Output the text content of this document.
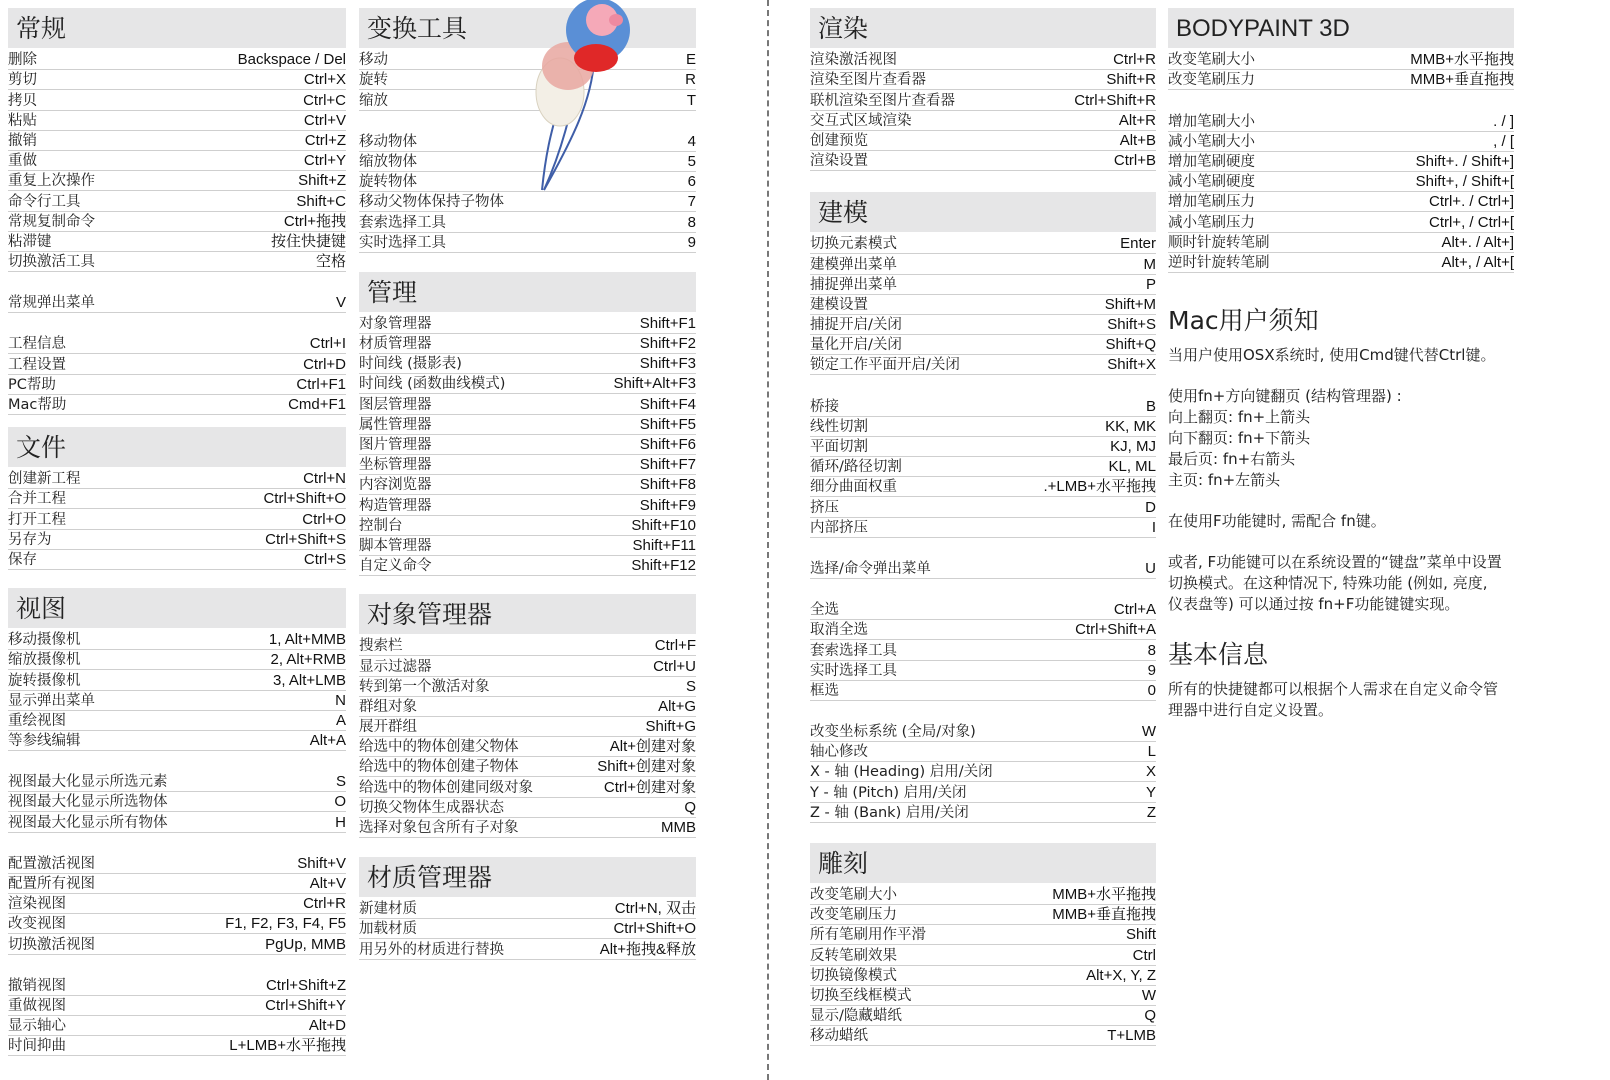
常规
删除	Backspace / Del
剪切	Ctrl+X
拷贝	Ctrl+C
粘贴	Ctrl+V
撤销	Ctrl+Z
重做	Ctrl+Y
重复上次操作	Shift+Z
命令行工具	Shift+C
常规复制命令	Ctrl+拖拽
粘滞键	按住快捷键
切换激活工具	空格
常规弹出菜单	V
工程信息	Ctrl+I
工程设置	Ctrl+D
PC帮助	Ctrl+F1
Mac帮助	Cmd+F1
文件
创建新工程	Ctrl+N
合并工程	Ctrl+Shift+O
打开工程	Ctrl+O
另存为	Ctrl+Shift+S
保存	Ctrl+S
视图
移动摄像机	1, Alt+MMB
缩放摄像机	2, Alt+RMB
旋转摄像机	3, Alt+LMB
显示弹出菜单	N
重绘视图	A
等参线编辑	Alt+A
视图最大化显示所选元素	S
视图最大化显示所选物体	O
视图最大化显示所有物体	H
配置激活视图	Shift+V
配置所有视图	Alt+V
渲染视图	Ctrl+R
改变视图	F1, F2, F3, F4, F5
切换激活视图	PgUp, MMB
撤销视图	Ctrl+Shift+Z
重做视图	Ctrl+Shift+Y
显示轴心	Alt+D
时间抑曲	L+LMB+水平拖拽
变换工具
移动	E
旋转	R
缩放	T
移动物体	4
缩放物体	5
旋转物体	6
移动父物体保持子物体	7
套索选择工具	8
实时选择工具	9
管理
对象管理器	Shift+F1
材质管理器	Shift+F2
时间线 (摄影表)	Shift+F3
时间线 (函数曲线模式)	Shift+Alt+F3
图层管理器	Shift+F4
属性管理器	Shift+F5
图片管理器	Shift+F6
坐标管理器	Shift+F7
内容浏览器	Shift+F8
构造管理器	Shift+F9
控制台	Shift+F10
脚本管理器	Shift+F11
自定义命令	Shift+F12
对象管理器
搜索栏	Ctrl+F
显示过滤器	Ctrl+U
转到第一个激活对象	S
群组对象	Alt+G
展开群组	Shift+G
给选中的物体创建父物体	Alt+创建对象
给选中的物体创建子物体	Shift+创建对象
给选中的物体创建同级对象	Ctrl+创建对象
切换父物体生成器状态	Q
选择对象包含所有子对象	MMB
材质管理器
新建材质	Ctrl+N, 双击
加载材质	Ctrl+Shift+O
用另外的材质进行替换	Alt+拖拽&释放
渲染
渲染激活视图	Ctrl+R
渲染至图片查看器	Shift+R
联机渲染至图片查看器	Ctrl+Shift+R
交互式区域渲染	Alt+R
创建预览	Alt+B
渲染设置	Ctrl+B
建模
切换元素模式	Enter
建模弹出菜单	M
捕捉弹出菜单	P
建模设置	Shift+M
捕捉开启/关闭	Shift+S
量化开启/关闭	Shift+Q
锁定工作平面开启/关闭	Shift+X
桥接	B
线性切割	KK, MK
平面切割	KJ, MJ
循环/路径切割	KL, ML
细分曲面权重	.+LMB+水平拖拽
挤压	D
内部挤压	I
选择/命令弹出菜单	U
全选	Ctrl+A
取消全选	Ctrl+Shift+A
套索选择工具	8
实时选择工具	9
框选	0
改变坐标系统 (全局/对象)	W
轴心修改	L
X - 轴 (Heading) 启用/关闭	X
Y - 轴 (Pitch) 启用/关闭	Y
Z - 轴 (Bank) 启用/关闭	Z
雕刻
改变笔刷大小	MMB+水平拖拽
改变笔刷压力	MMB+垂直拖拽
所有笔刷用作平滑	Shift
反转笔刷效果	Ctrl
切换镜像模式	Alt+X, Y, Z
切换至线框模式	W
显示/隐藏蜡纸	Q
移动蜡纸	T+LMB
BODYPAINT 3D
改变笔刷大小	MMB+水平拖拽
改变笔刷压力	MMB+垂直拖拽
增加笔刷大小	. / ]
减小笔刷大小	, / [
增加笔刷硬度	Shift+. / Shift+]
减小笔刷硬度	Shift+, / Shift+[
增加笔刷压力	Ctrl+. / Ctrl+]
减小笔刷压力	Ctrl+, / Ctrl+[
顺时针旋转笔刷	Alt+. / Alt+]
逆时针旋转笔刷	Alt+, / Alt+[
Mac用户须知

当用户使用OSX系统时, 使用Cmd键代替Ctrl键。

使用fn+方向键翻页 (结构管理器) :
向上翻页: fn+上箭头
向下翻页: fn+下箭头
最后页: fn+右箭头
主页: fn+左箭头

在使用F功能键时, 需配合 fn键。

或者, F功能键可以在系统设置的“键盘”菜单中设置切换模式。在这种情况下, 特殊功能 (例如, 亮度, 仪表盘等) 可以通过按 fn+F功能键键实现。

基本信息

所有的快捷键都可以根据个人需求在自定义命令管理器中进行自定义设置。
